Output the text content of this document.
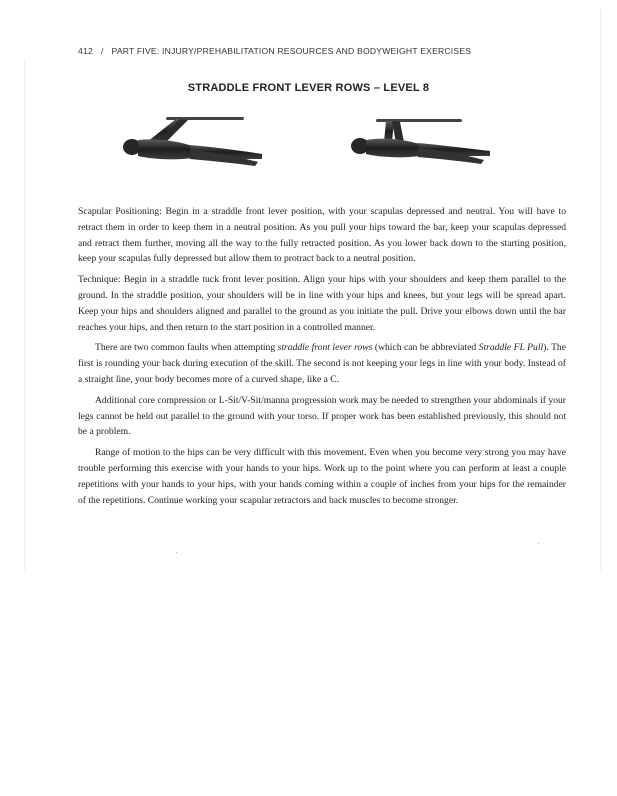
412 / PART FIVE: INJURY/PREHABILITATION RESOURCES AND BODYWEIGHT EXERCISES
STRADDLE FRONT LEVER ROWS – LEVEL 8

Scapular Positioning: Begin in a straddle front lever position, with your scapulas depressed and neutral. You will have to retract them in order to keep them in a neutral position. As you pull your hips toward the bar, keep your scapulas depressed and retract them further, moving all the way to the fully retracted position. As you lower back down to the starting position, keep your scapulas fully depressed but allow them to protract back to a neutral position.

Technique: Begin in a straddle tuck front lever position. Align your hips with your shoulders and keep them parallel to the ground. In the straddle position, your shoulders will be in line with your hips and knees, but your legs will be spread apart. Keep your hips and shoulders aligned and parallel to the ground as you initiate the pull. Drive your elbows down until the bar reaches your hips, and then return to the start position in a controlled manner.

There are two common faults when attempting straddle front lever rows (which can be abbreviated Straddle FL Pull). The first is rounding your back during execution of the skill. The second is not keeping your legs in line with your body. Instead of a straight line, your body becomes more of a curved shape, like a C.

Additional core compression or L-Sit/V-Sit/manna progression work may be needed to strengthen your abdominals if your legs cannot be held out parallel to the ground with your torso. If proper work has been established previously, this should not be a problem.

Range of motion to the hips can be very difficult with this movement. Even when you become very strong you may have trouble performing this exercise with your hands to your hips. Work up to the point where you can perform at least a couple repetitions with your hands to your hips, with your hands coming within a couple of inches from your hips for the remainder of the repetitions. Continue working your scapular retractors and back muscles to become stronger.
